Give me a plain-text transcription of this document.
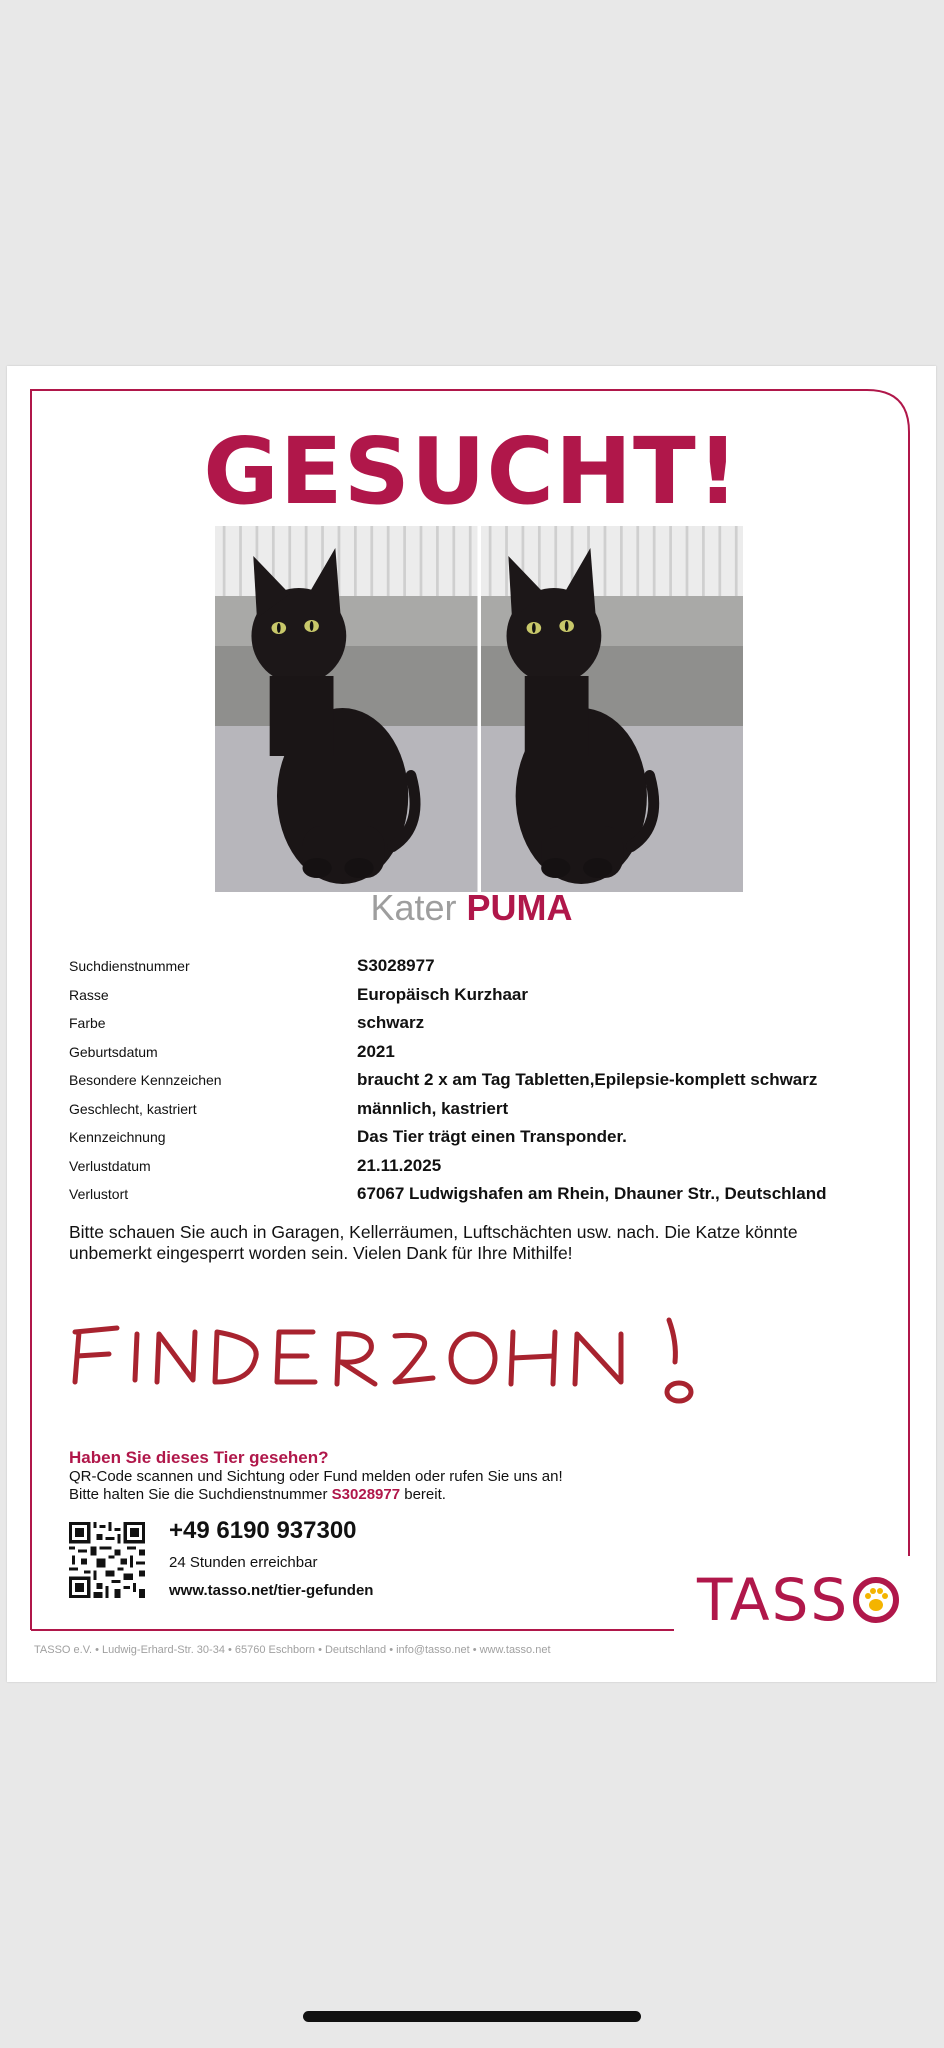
GESUCHT!
Kater PUMA
Suchdienstnummer	S3028977
Rasse	Europäisch Kurzhaar
Farbe	schwarz
Geburtsdatum	2021
Besondere Kennzeichen	braucht 2 x am Tag Tabletten,Epilepsie-komplett schwarz
Geschlecht, kastriert	männlich, kastriert
Kennzeichnung	Das Tier trägt einen Transponder.
Verlustdatum	21.11.2025
Verlustort	67067 Ludwigshafen am Rhein, Dhauner Str., Deutschland
Bitte schauen Sie auch in Garagen, Kellerräumen, Luftschächten usw. nach. Die Katze könnte unbemerkt eingesperrt worden sein. Vielen Dank für Ihre Mithilfe!
Haben Sie dieses Tier gesehen?
QR-Code scannen und Sichtung oder Fund melden oder rufen Sie uns an!
Bitte halten Sie die Suchdienstnummer S3028977 bereit.
+49 6190 937300
24 Stunden erreichbar
www.tasso.net/tier-gefunden	TASS
TASSO e.V. • Ludwig-Erhard-Str. 30-34 • 65760 Eschborn • Deutschland • info@tasso.net • www.tasso.net
